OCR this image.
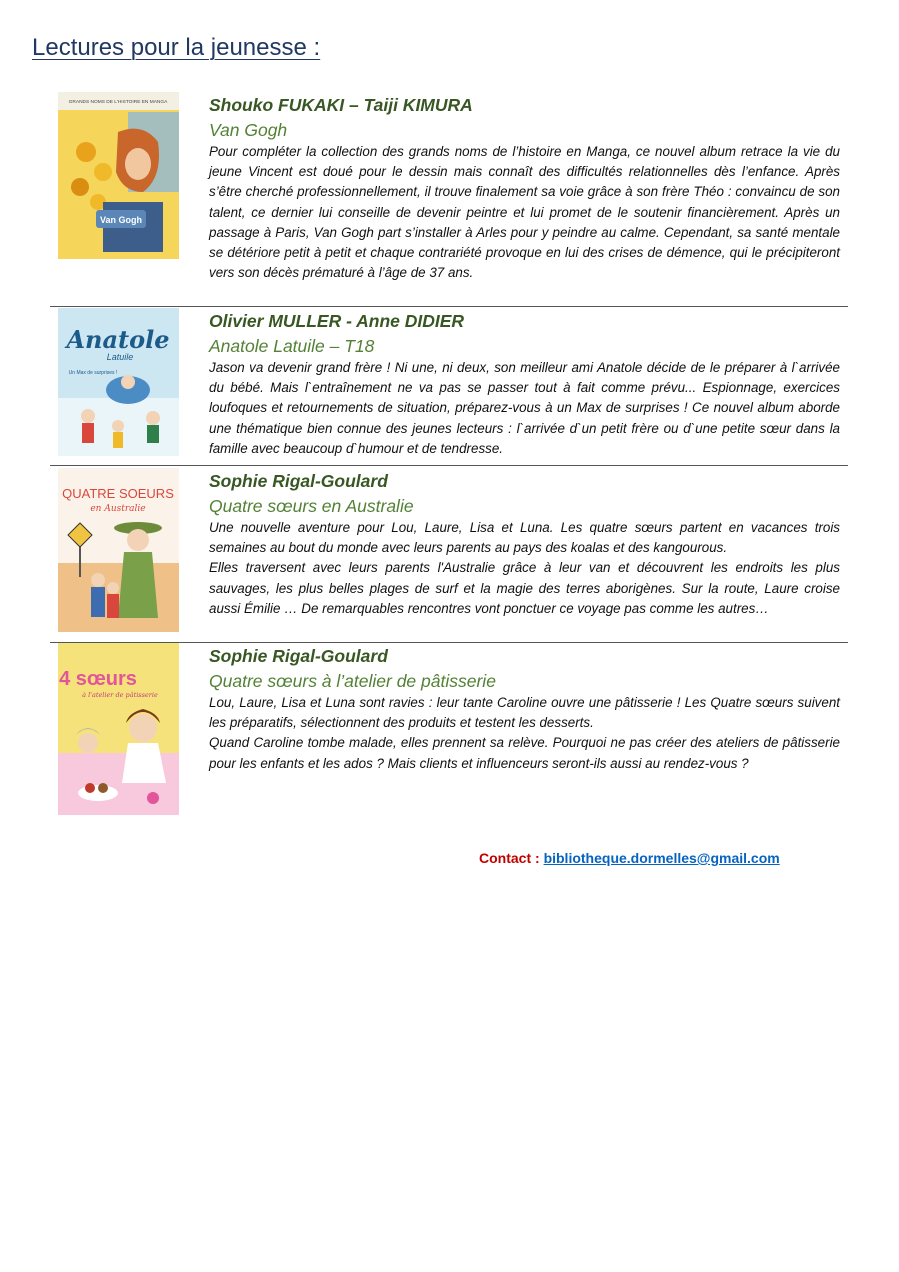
Lectures pour la jeunesse :
Van Gogh
GRANDS NOMS DE L'HISTOIRE EN MANGA Shouko FUKAKI – Taiji KIMURA
Van Gogh

Pour compléter la collection des grands noms de l’histoire en Manga, ce nouvel album retrace la vie du jeune Vincent est doué pour le dessin mais connaît des difficultés relationnelles dès l’enfance. Après s’être cherché professionnellement, il trouve finalement sa voie grâce à son frère Théo : convaincu de son talent, ce dernier lui conseille de devenir peintre et lui promet de le soutenir financièrement. Après un passage à Paris, Van Gogh part s’installer à Arles pour y peindre au calme. Cependant, sa santé mentale se détériore petit à petit et chaque contrariété provoque en lui des crises de démence, qui le précipiteront vers son décès prématuré à l’âge de 37 ans.

Anatole
Latuile
Un Max de surprises !
Olivier MULLER - Anne DIDIER
Anatole Latuile – T18

Jason va devenir grand frère ! Ni une, ni deux, son meilleur ami Anatole décide de le préparer à l`arrivée du bébé. Mais l`entraînement ne va pas se passer tout à fait comme prévu... Espionnage, exercices loufoques et retournements de situation, préparez-vous à un Max de surprises ! Ce nouvel album aborde une thématique bien connue des jeunes lecteurs : l`arrivée d`un petit frère ou d`une petite sœur dans la famille avec beaucoup d`humour et de tendresse.

QUATRE SOEURS
en Australie
Sophie Rigal-Goulard
Quatre sœurs en Australie

Une nouvelle aventure pour Lou, Laure, Lisa et Luna. Les quatre sœurs partent en vacances trois semaines au bout du monde avec leurs parents au pays des koalas et des kangourous.

Elles traversent avec leurs parents l'Australie grâce à leur van et découvrent les endroits les plus sauvages, les plus belles plages de surf et la magie des terres aborigènes. Sur la route, Laure croise aussi Émilie … De remarquables rencontres vont ponctuer ce voyage pas comme les autres…

4 sœurs
à l'atelier de pâtisserie
Sophie Rigal-Goulard
Quatre sœurs à l’atelier de pâtisserie

Lou, Laure, Lisa et Luna sont ravies : leur tante Caroline ouvre une pâtisserie ! Les Quatre sœurs suivent les préparatifs, sélectionnent des produits et testent les desserts.

Quand Caroline tombe malade, elles prennent sa relève. Pourquoi ne pas créer des ateliers de pâtisserie pour les enfants et les ados ? Mais clients et influenceurs seront-ils aussi au rendez-vous ?

Contact : bibliotheque.dormelles@gmail.com
